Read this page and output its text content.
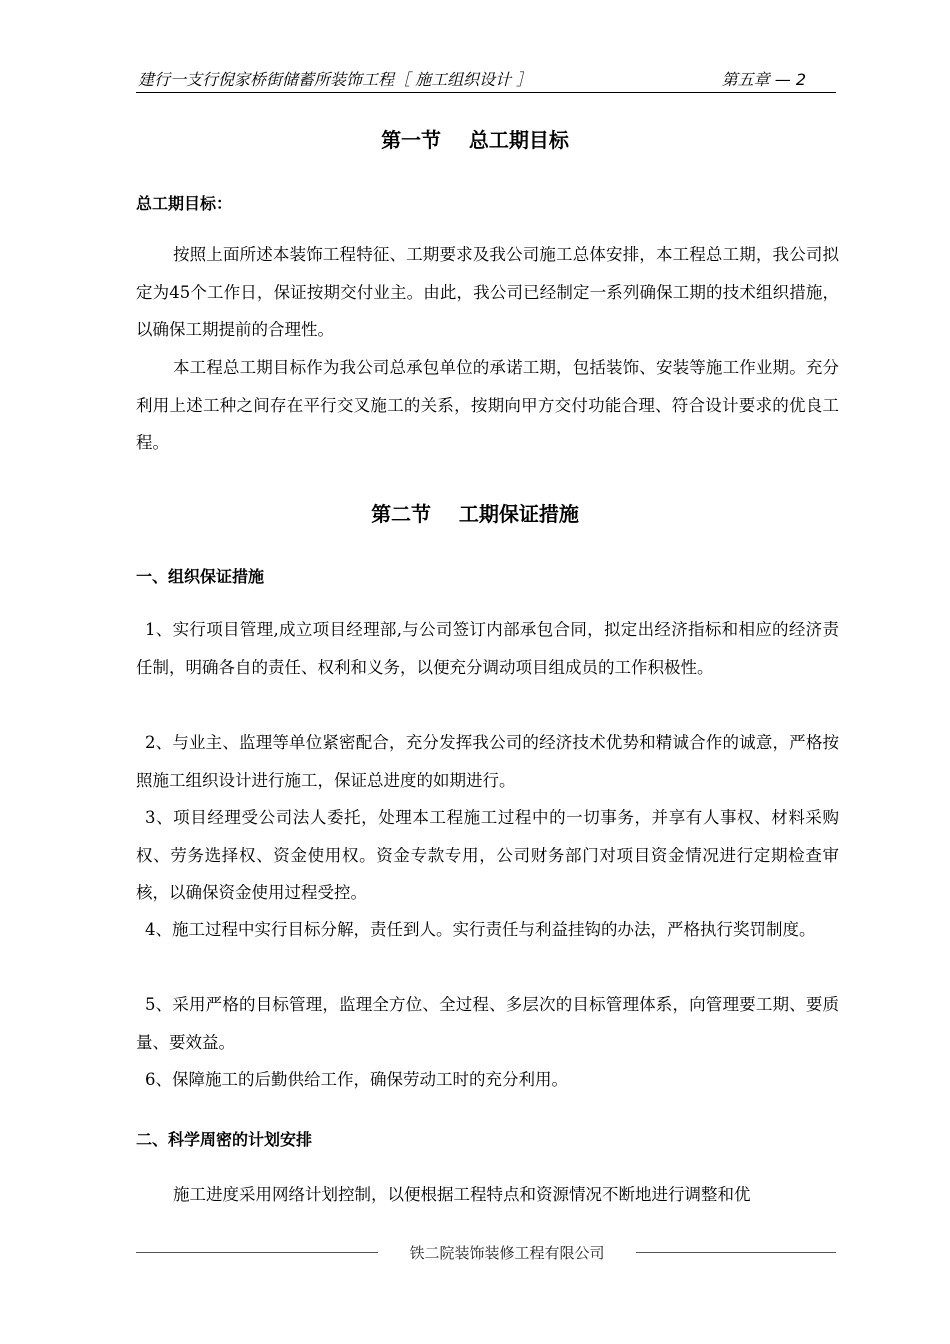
建行一支行倪家桥街储蓄所装饰工程［ 施工组织设计 ］	第五章 — 2
第一节    总工期目标
总工期目标：

按照上面所述本装饰工程特征、工期要求及我公司施工总体安排，本工程总工期，我公司拟定为45个工作日，保证按期交付业主。由此，我公司已经制定一系列确保工期的技术组织措施，以确保工期提前的合理性。

本工程总工期目标作为我公司总承包单位的承诺工期，包括装饰、安装等施工作业期。充分利用上述工种之间存在平行交叉施工的关系，按期向甲方交付功能合理、符合设计要求的优良工程。

第二节    工期保证措施
一、组织保证措施

1、实行项目管理,成立项目经理部,与公司签订内部承包合同，拟定出经济指标和相应的经济责任制，明确各自的责任、权利和义务，以便充分调动项目组成员的工作积极性。

2、与业主、监理等单位紧密配合，充分发挥我公司的经济技术优势和精诚合作的诚意，严格按照施工组织设计进行施工，保证总进度的如期进行。

3、项目经理受公司法人委托，处理本工程施工过程中的一切事务，并享有人事权、材料采购权、劳务选择权、资金使用权。资金专款专用，公司财务部门对项目资金情况进行定期检查审核，以确保资金使用过程受控。

4、施工过程中实行目标分解，责任到人。实行责任与利益挂钩的办法，严格执行奖罚制度。

5、采用严格的目标管理，监理全方位、全过程、多层次的目标管理体系，向管理要工期、要质量、要效益。

6、保障施工的后勤供给工作，确保劳动工时的充分利用。

二、科学周密的计划安排

施工进度采用网络计划控制，以便根据工程特点和资源情况不断地进行调整和优

铁二院装饰装修工程有限公司
